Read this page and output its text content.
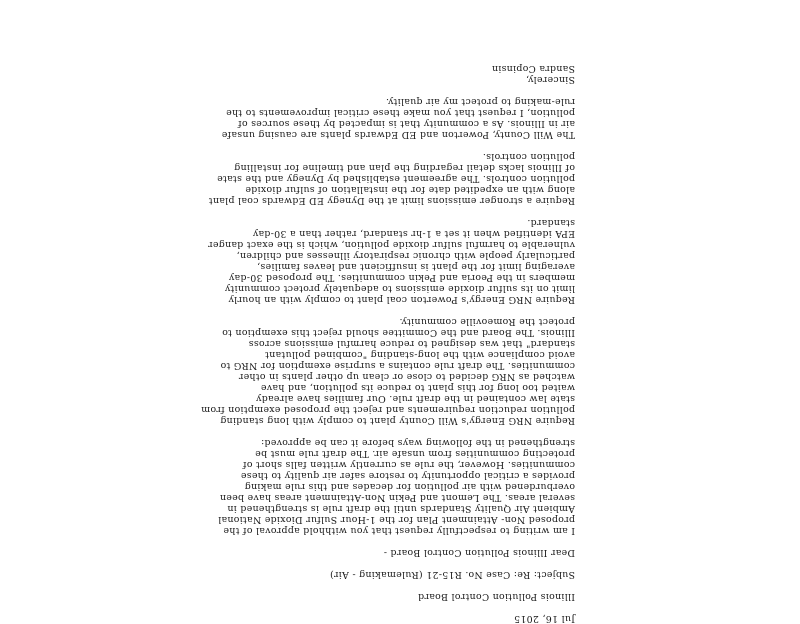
Jul 16, 2015
Illinois Pollution Control Board
Subject: Re: Case No. R15-21 (Rulemaking - Air)
Dear Illinois Pollution Control Board -
I am writing to respectfully request that you withhold approval of the
proposed Non- Attainment Plan for the 1-Hour Sulfur Dioxide National
Ambient Air Quality Standards until the draft rule is strengthened in
several areas. The Lemont and Pekin Non-Attainment areas have been
overburdened with air pollution for decades and this rule making
provides a critical opportunity to restore safer air quality to these
communities. However, the rule as currently written falls short of
protecting communities from unsafe air. The draft rule must be
strengthened in the following ways before it can be approved:
Require NRG Energy's Will County plant to comply with long standing
pollution reduction requirements and reject the proposed exemption from
state law contained in the draft rule. Our families have already
waited too long for this plant to reduce its pollution, and have
watched as NRG decided to close or clean up other plants in other
communities. The draft rule contains a surprise exemption for NRG to
avoid compliance with the long-standing "combined pollutant
standard" that was designed to reduce harmful emissions across
Illinois. The Board and the Committee should reject this exemption to
protect the Romeoville community.
Require NRG Energy's Powerton coal plant to comply with an hourly
limit on its sulfur dioxide emissions to adequately protect community
members in the Peoria and Pekin communities. The proposed 30-day
averaging limit for the plant is insufficient and leaves families,
particularly people with chronic respiratory illnesses and children,
vulnerable to harmful sulfur dioxide pollution, which is the exact danger
EPA identified when it set a 1-hr standard, rather than a 30-day
standard.
Require a stronger emissions limit at the Dynegy ED Edwards coal plant
along with an expedited date for the installation of sulfur dioxide
pollution controls. The agreement established by Dynegy and the state
of Illinois lacks detail regarding the plan and timeline for installing
pollution controls.
The Will County, Powerton and ED Edwards plants are causing unsafe
air in Illinois. As a community that is impacted by these sources of
pollution, I request that you make these critical improvements to the
rule-making to protect my air quality.
Sincerely,
Sandra Copinsin
